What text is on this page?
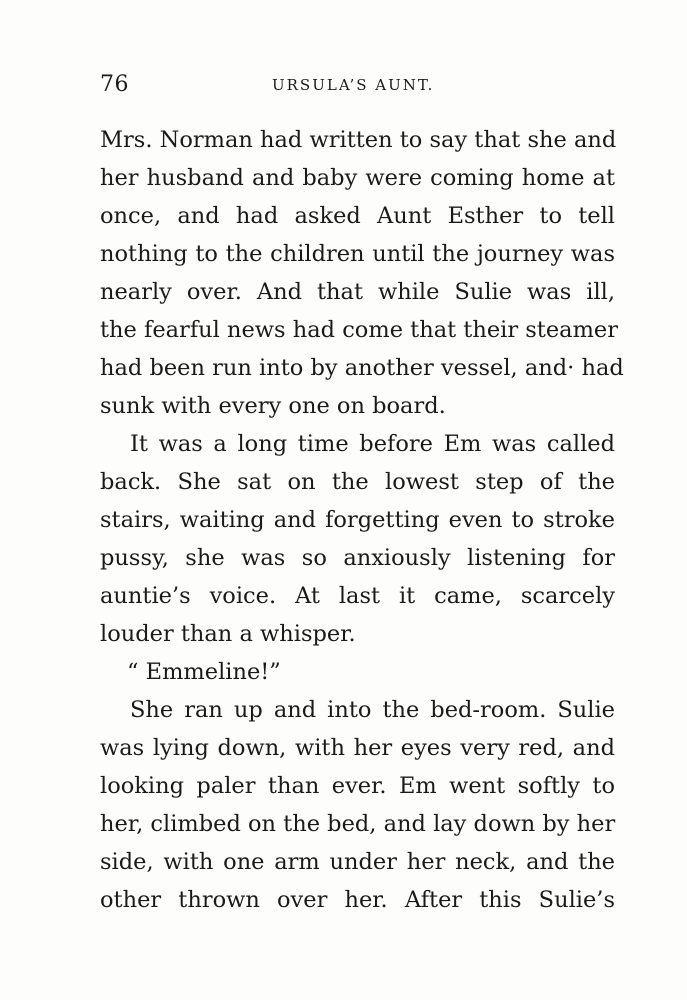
76	URSULA’S AUNT.
Mrs. Norman had written to say that she and
her husband and baby were coming home at
once, and had asked Aunt Esther to tell
nothing to the children until the journey was
nearly over. And that while Sulie was ill,
the fearful news had come that their steamer
had been run into by another vessel, and· had
sunk with every one on board.
It was a long time before Em was called
back. She sat on the lowest step of the
stairs, waiting and forgetting even to stroke
pussy, she was so anxiously listening for
auntie’s voice. At last it came, scarcely
louder than a whisper.
“ Emmeline!”
She ran up and into the bed-room. Sulie
was lying down, with her eyes very red, and
looking paler than ever. Em went softly to
her, climbed on the bed, and lay down by her
side, with one arm under her neck, and the
other thrown over her. After this Sulie’s
